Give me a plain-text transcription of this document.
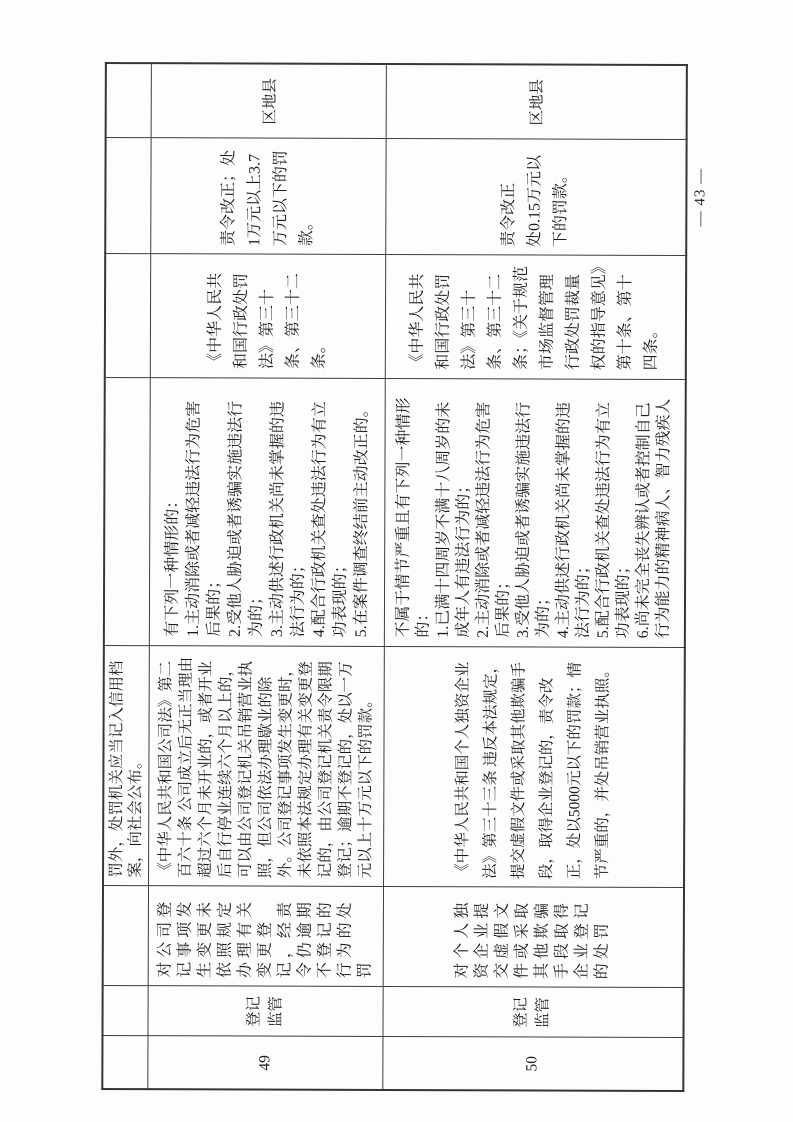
			罚外，处罚机关应当记入信用档案，向社会公布。				
49	登记监管	对公司登记事项发生变更未依照规定办理有关变更登记，经责令仍逾期不登记的行为的处罚	《中华人民共和国公司法》第二百六十条 公司成立后无正当理由超过六个月未开业的，或者开业后自行停业连续六个月以上的，可以由公司登记机关吊销营业执照，但公司依法办理歇业的除外。公司登记事项发生变更时，未依照本法规定办理有关变更登记的，由公司登记机关责令限期登记；逾期不登记的，处以一万元以上十万元以下的罚款。	有下列一种情形的：
1.主动消除或者减轻违法行为危害后果的；
2.受他人胁迫或者诱骗实施违法行为的；
3.主动供述行政机关尚未掌握的违法行为的；
4.配合行政机关查处违法行为有立功表现的；
5.在案件调查终结前主动改正的。	《中华人民共和国行政处罚法》第三十条、第三十二条。	责令改正；处1万元以上3.7万元以下的罚款。	区地县
50	登记监管	对个人独资企业提交虚假文件或采取其他欺骗手段取得企业登记的处罚	《中华人民共和国个人独资企业法》第三十三条 违反本法规定，提交虚假文件或采取其他欺骗手段，取得企业登记的，责令改正，处以5000元以下的罚款；情节严重的，并处吊销营业执照。	不属于情节严重且有下列一种情形的：
1.已满十四周岁不满十八周岁的未成年人有违法行为的；
2.主动消除或者减轻违法行为危害后果的；
3.受他人胁迫或者诱骗实施违法行为的；
4.主动供述行政机关尚未掌握的违法行为的；
5.配合行政机关查处违法行为有立功表现的；
6.尚未完全丧失辨认或者控制自己行为能力的精神病人、智力残疾人	《中华人民共和国行政处罚法》第三十条、第三十二条；《关于规范市场监督管理行政处罚裁量权的指导意见》第十条、第十四条。	责令改正
处0.15万元以下的罚款。	区地县
— 43 —
